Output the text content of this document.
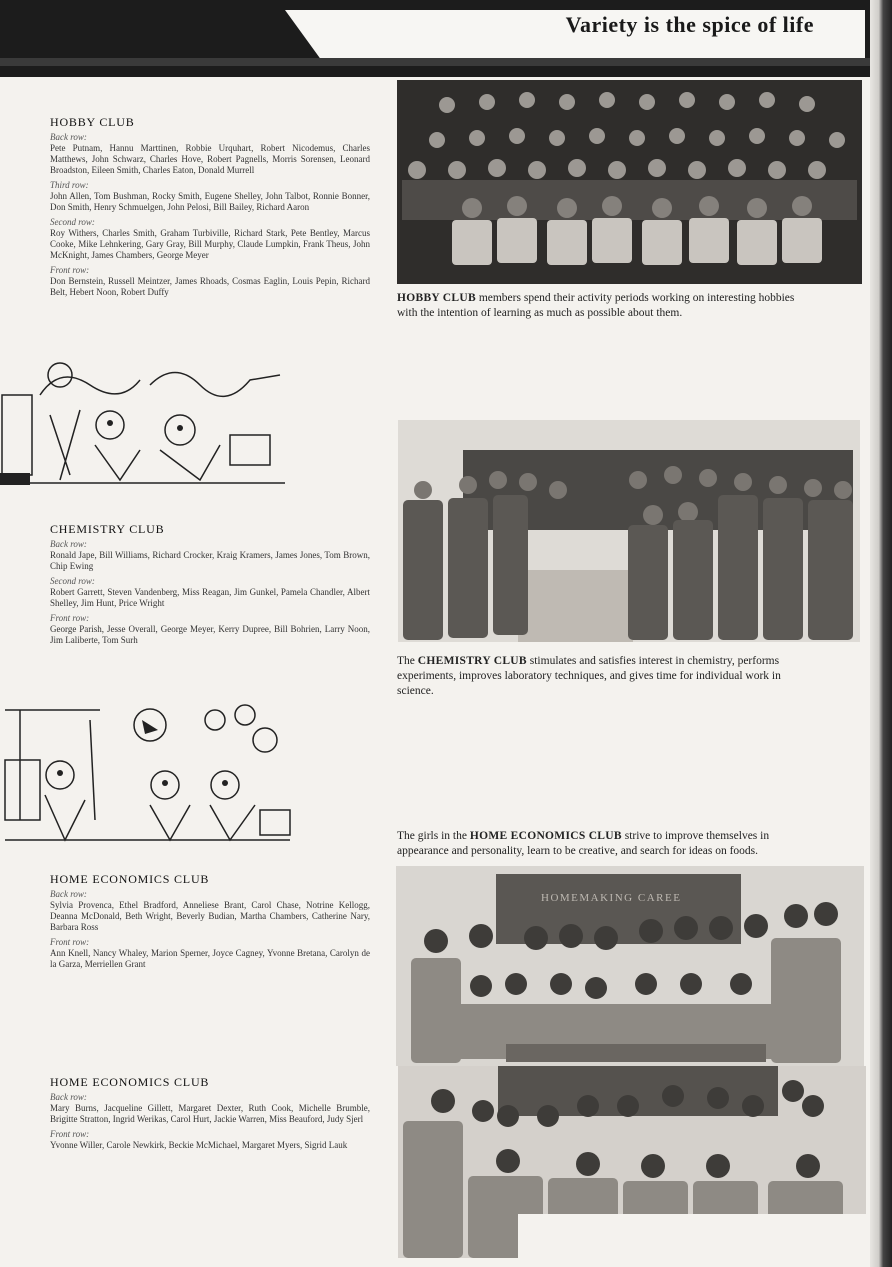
Variety is the spice of life
HOBBY CLUB
Back row:
Pete Putnam, Hannu Marttinen, Robbie Urquhart, Robert Nicodemus, Charles Matthews, John Schwarz, Charles Hove, Robert Pagnells, Morris Sorensen, Leonard Broadston, Eileen Smith, Charles Eaton, Donald Murrell
Third row:
John Allen, Tom Bushman, Rocky Smith, Eugene Shelley, John Talbot, Ronnie Bonner, Don Smith, Henry Schmuelgen, John Pelosi, Bill Bailey, Richard Aaron
Second row:
Roy Withers, Charles Smith, Graham Turbiville, Richard Stark, Pete Bentley, Marcus Cooke, Mike Lehnkering, Gary Gray, Bill Murphy, Claude Lumpkin, Frank Theus, John McKnight, James Chambers, George Meyer
Front row:
Don Bernstein, Russell Meintzer, James Rhoads, Cosmas Eaglin, Louis Pepin, Richard Belt, Hebert Noon, Robert Duffy	HOBBY CLUB members spend their activity periods working on interesting hobbies with the intention of learning as much as possible about them.
CHEMISTRY CLUB
Back row:
Ronald Jape, Bill Williams, Richard Crocker, Kraig Kramers, James Jones, Tom Brown, Chip Ewing
Second row:
Robert Garrett, Steven Vandenberg, Miss Reagan, Jim Gunkel, Pamela Chandler, Albert Shelley, Jim Hunt, Price Wright
Front row:
George Parish, Jesse Overall, George Meyer, Kerry Dupree, Bill Bohrien, Larry Noon, Jim Laliberte, Tom Surh
The CHEMISTRY CLUB stimulates and satisfies interest in chemistry, performs experiments, improves laboratory techniques, and gives time for individual work in science.
The girls in the HOME ECONOMICS CLUB strive to improve themselves in appearance and personality, learn to be creative, and search for ideas on foods.
HOME ECONOMICS CLUB
Back row:
Sylvia Provenca, Ethel Bradford, Anneliese Brant, Carol Chase, Notrine Kellogg, Deanna McDonald, Beth Wright, Beverly Budian, Martha Chambers, Catherine Nary, Barbara Ross
Front row:
Ann Knell, Nancy Whaley, Marion Sperner, Joyce Cagney, Yvonne Bretana, Carolyn de la Garza, Merriellen Grant
HOMEMAKING CAREE
HOME ECONOMICS CLUB
Back row:
Mary Burns, Jacqueline Gillett, Margaret Dexter, Ruth Cook, Michelle Brumble, Brigitte Stratton, Ingrid Werikas, Carol Hurt, Jackie Warren, Miss Beauford, Judy Sjerl
Front row:
Yvonne Willer, Carole Newkirk, Beckie McMichael, Margaret Myers, Sigrid Lauk
